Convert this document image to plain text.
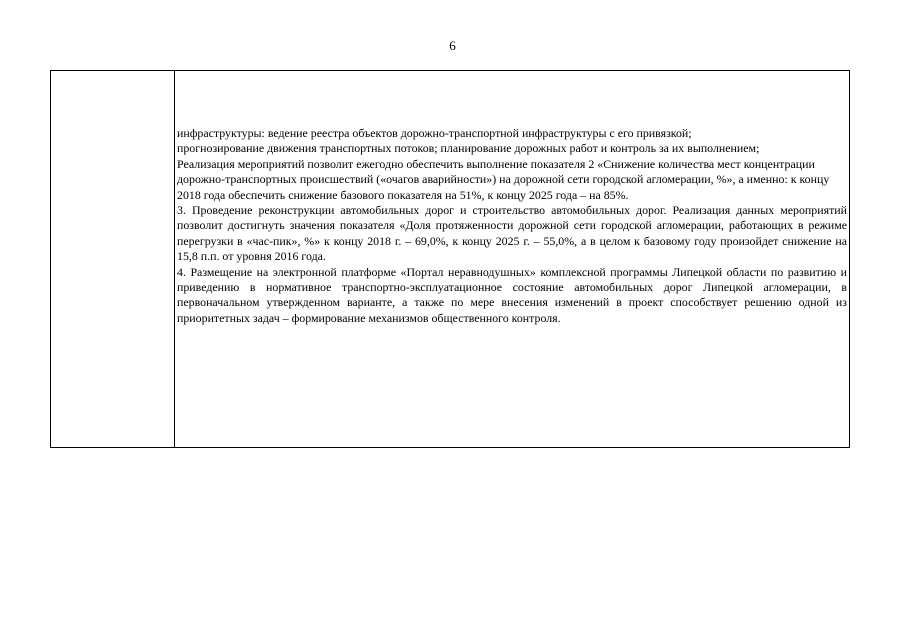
6

инфраструктуры: ведение реестра объектов дорожно-транспортной инфраструктуры с его привязкой;

прогнозирование движения транспортных потоков; планирование дорожных работ и контроль за их выполнением;

Реализация мероприятий позволит ежегодно обеспечить выполнение показателя 2 «Снижение количества мест концентрации дорожно-транспортных происшествий («очагов аварийности») на дорожной сети городской агломерации, %», а именно: к концу 2018 года обеспечить снижение базового показателя на 51%, к концу 2025 года – на 85%.

3. Проведение реконструкции автомобильных дорог и строительство автомобильных дорог. Реализация данных мероприятий позволит достигнуть значения показателя «Доля протяженности дорожной сети городской агломерации, работающих в режиме перегрузки в «час-пик», %» к концу 2018 г. – 69,0%, к концу 2025 г. – 55,0%, а в целом к базовому году произойдет снижение на 15,8 п.п. от уровня 2016 года.

4. Размещение на электронной платформе «Портал неравнодушных» комплексной программы Липецкой области по развитию и приведению в нормативное транспортно-эксплуатационное состояние автомобильных дорог Липецкой агломерации, в первоначальном утвержденном варианте, а также по мере внесения изменений в проект способствует решению одной из приоритетных задач – формирование механизмов общественного контроля.
